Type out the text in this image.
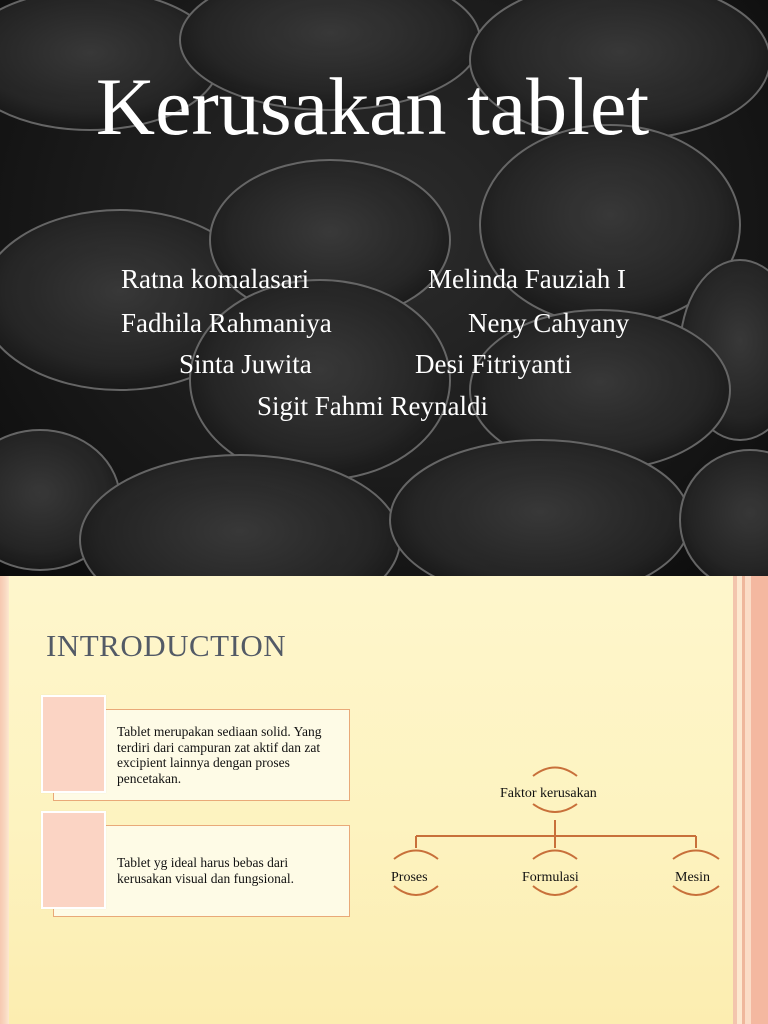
Kerusakan tablet
Ratna komalasari	Melinda Fauziah I
Fadhila Rahmaniya	Neny Cahyany
Sinta Juwita	Desi Fitriyanti
Sigit Fahmi Reynaldi
INTRODUCTION
Tablet merupakan sediaan solid. Yang terdiri dari campuran zat aktif dan zat excipient lainnya dengan proses pencetakan.
Tablet yg ideal harus bebas dari kerusakan visual dan fungsional.
Faktor kerusakan
Proses	Formulasi	Mesin
